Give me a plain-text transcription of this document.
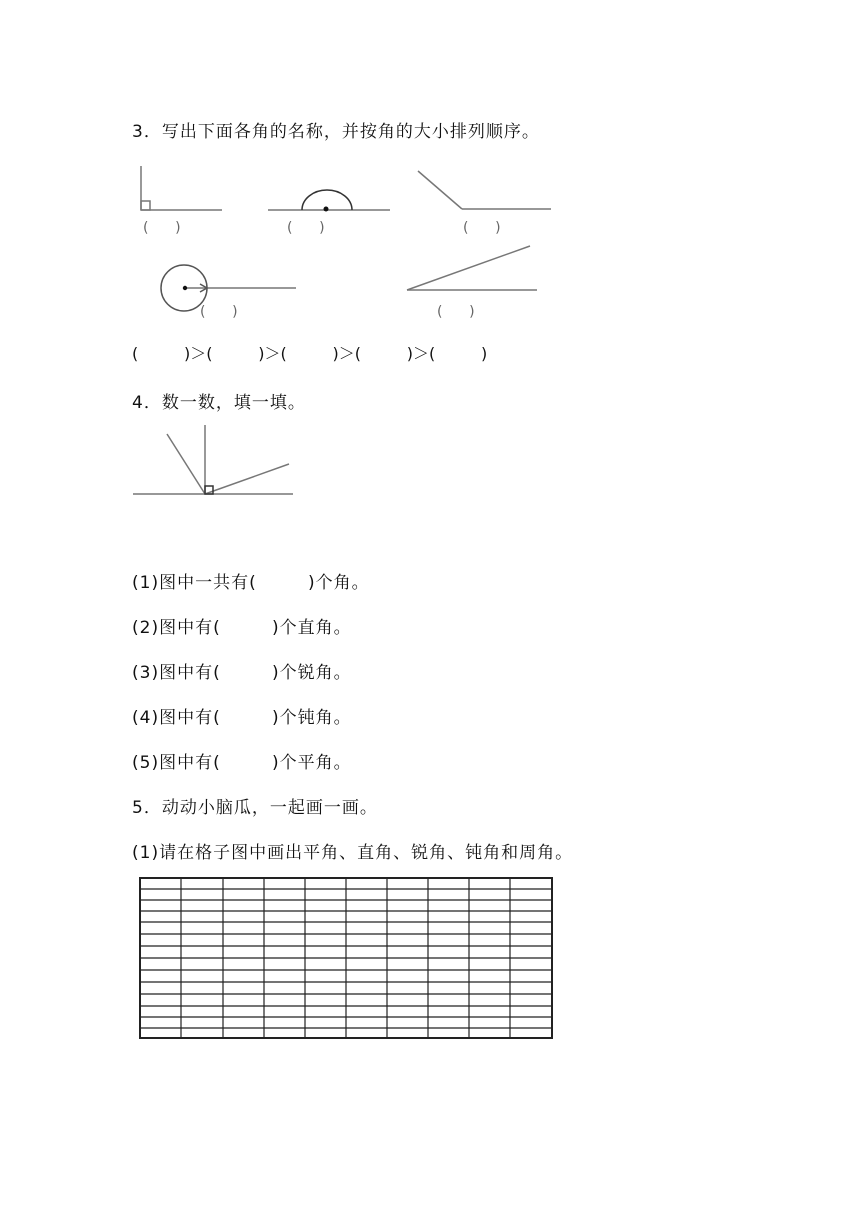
3．写出下面各角的名称，并按角的大小排列顺序。
(      )	(      )	(      )
(      )	(      )
(         )＞(         )＞(         )＞(         )＞(         )
4．数一数，填一填。
(1)图中一共有(        )个角。
(2)图中有(        )个直角。
(3)图中有(        )个锐角。
(4)图中有(        )个钝角。
(5)图中有(        )个平角。
5．动动小脑瓜，一起画一画。
(1)请在格子图中画出平角、直角、锐角、钝角和周角。
